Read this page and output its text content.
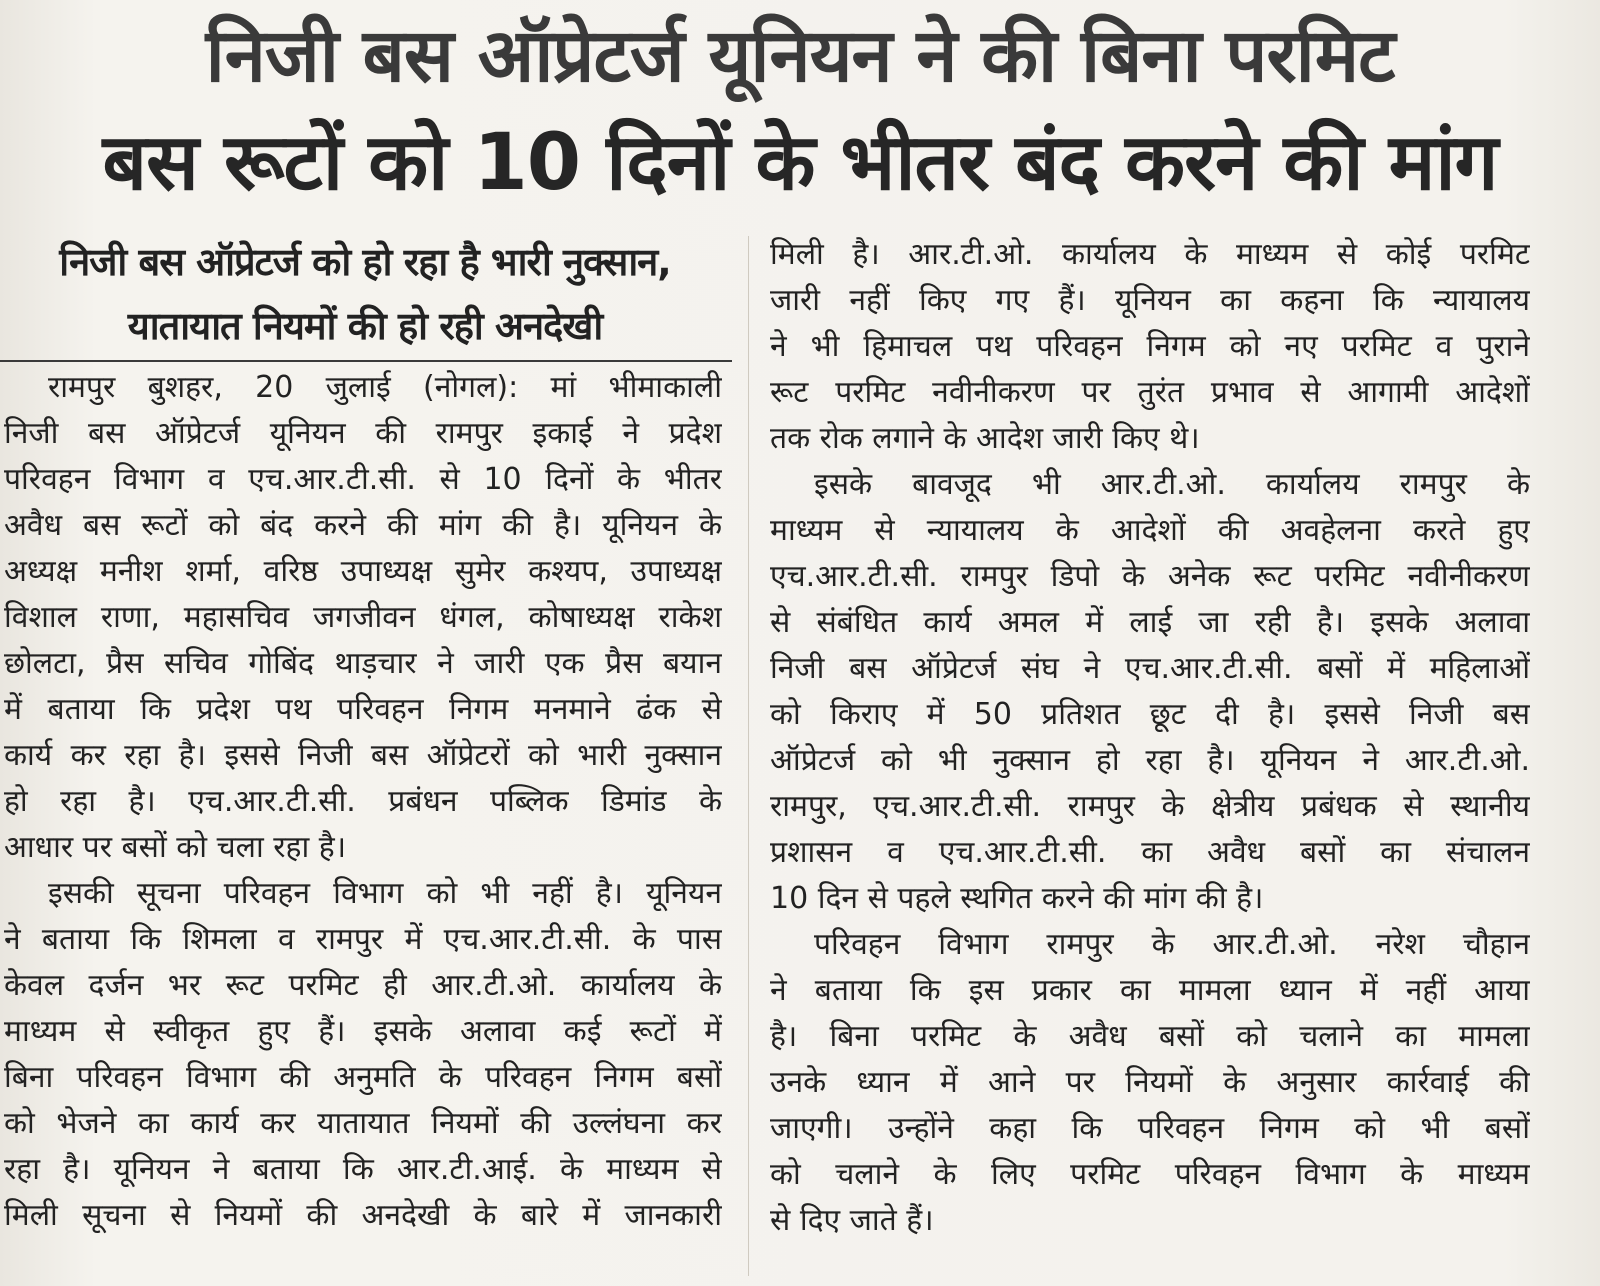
निजी बस ऑप्रेटर्ज यूनियन ने की बिना परमिट
बस रूटों को 10 दिनों के भीतर बंद करने की मांग
निजी बस ऑप्रेटर्ज को हो रहा है भारी नुक्सान,
यातायात नियमों की हो रही अनदेखी

रामपुर बुशहर, 20 जुलाई (नोगल): मां भीमाकाली

निजी बस ऑप्रेटर्ज यूनियन की रामपुर इकाई ने प्रदेश

परिवहन विभाग व एच.आर.टी.सी. से 10 दिनों के भीतर

अवैध बस रूटों को बंद करने की मांग की है। यूनियन के

अध्यक्ष मनीश शर्मा, वरिष्ठ उपाध्यक्ष सुमेर कश्यप, उपाध्यक्ष

विशाल राणा, महासचिव जगजीवन धंगल, कोषाध्यक्ष राकेश

छोलटा, प्रैस सचिव गोबिंद थाड़चार ने जारी एक प्रैस बयान

में बताया कि प्रदेश पथ परिवहन निगम मनमाने ढंक से

कार्य कर रहा है। इससे निजी बस ऑप्रेटरों को भारी नुक्सान

हो रहा है। एच.आर.टी.सी. प्रबंधन पब्लिक डिमांड के

आधार पर बसों को चला रहा है।

इसकी सूचना परिवहन विभाग को भी नहीं है। यूनियन

ने बताया कि शिमला व रामपुर में एच.आर.टी.सी. के पास

केवल दर्जन भर रूट परमिट ही आर.टी.ओ. कार्यालय के

माध्यम से स्वीकृत हुए हैं। इसके अलावा कई रूटों में

बिना परिवहन विभाग की अनुमति के परिवहन निगम बसों

को भेजने का कार्य कर यातायात नियमों की उल्लंघना कर

रहा है। यूनियन ने बताया कि आर.टी.आई. के माध्यम से

मिली सूचना से नियमों की अनदेखी के बारे में जानकारी

मिली है। आर.टी.ओ. कार्यालय के माध्यम से कोई परमिट

जारी नहीं किए गए हैं। यूनियन का कहना कि न्यायालय

ने भी हिमाचल पथ परिवहन निगम को नए परमिट व पुराने

रूट परमिट नवीनीकरण पर तुरंत प्रभाव से आगामी आदेशों

तक रोक लगाने के आदेश जारी किए थे।

इसके बावजूद भी आर.टी.ओ. कार्यालय रामपुर के

माध्यम से न्यायालय के आदेशों की अवहेलना करते हुए

एच.आर.टी.सी. रामपुर डिपो के अनेक रूट परमिट नवीनीकरण

से संबंधित कार्य अमल में लाई जा रही है। इसके अलावा

निजी बस ऑप्रेटर्ज संघ ने एच.आर.टी.सी. बसों में महिलाओं

को किराए में 50 प्रतिशत छूट दी है। इससे निजी बस

ऑप्रेटर्ज को भी नुक्सान हो रहा है। यूनियन ने आर.टी.ओ.

रामपुर, एच.आर.टी.सी. रामपुर के क्षेत्रीय प्रबंधक से स्थानीय

प्रशासन व एच.आर.टी.सी. का अवैध बसों का संचालन

10 दिन से पहले स्थगित करने की मांग की है।

परिवहन विभाग रामपुर के आर.टी.ओ. नरेश चौहान

ने बताया कि इस प्रकार का मामला ध्यान में नहीं आया

है। बिना परमिट के अवैध बसों को चलाने का मामला

उनके ध्यान में आने पर नियमों के अनुसार कार्रवाई की

जाएगी। उन्होंने कहा कि परिवहन निगम को भी बसों

को चलाने के लिए परमिट परिवहन विभाग के माध्यम

से दिए जाते हैं।
